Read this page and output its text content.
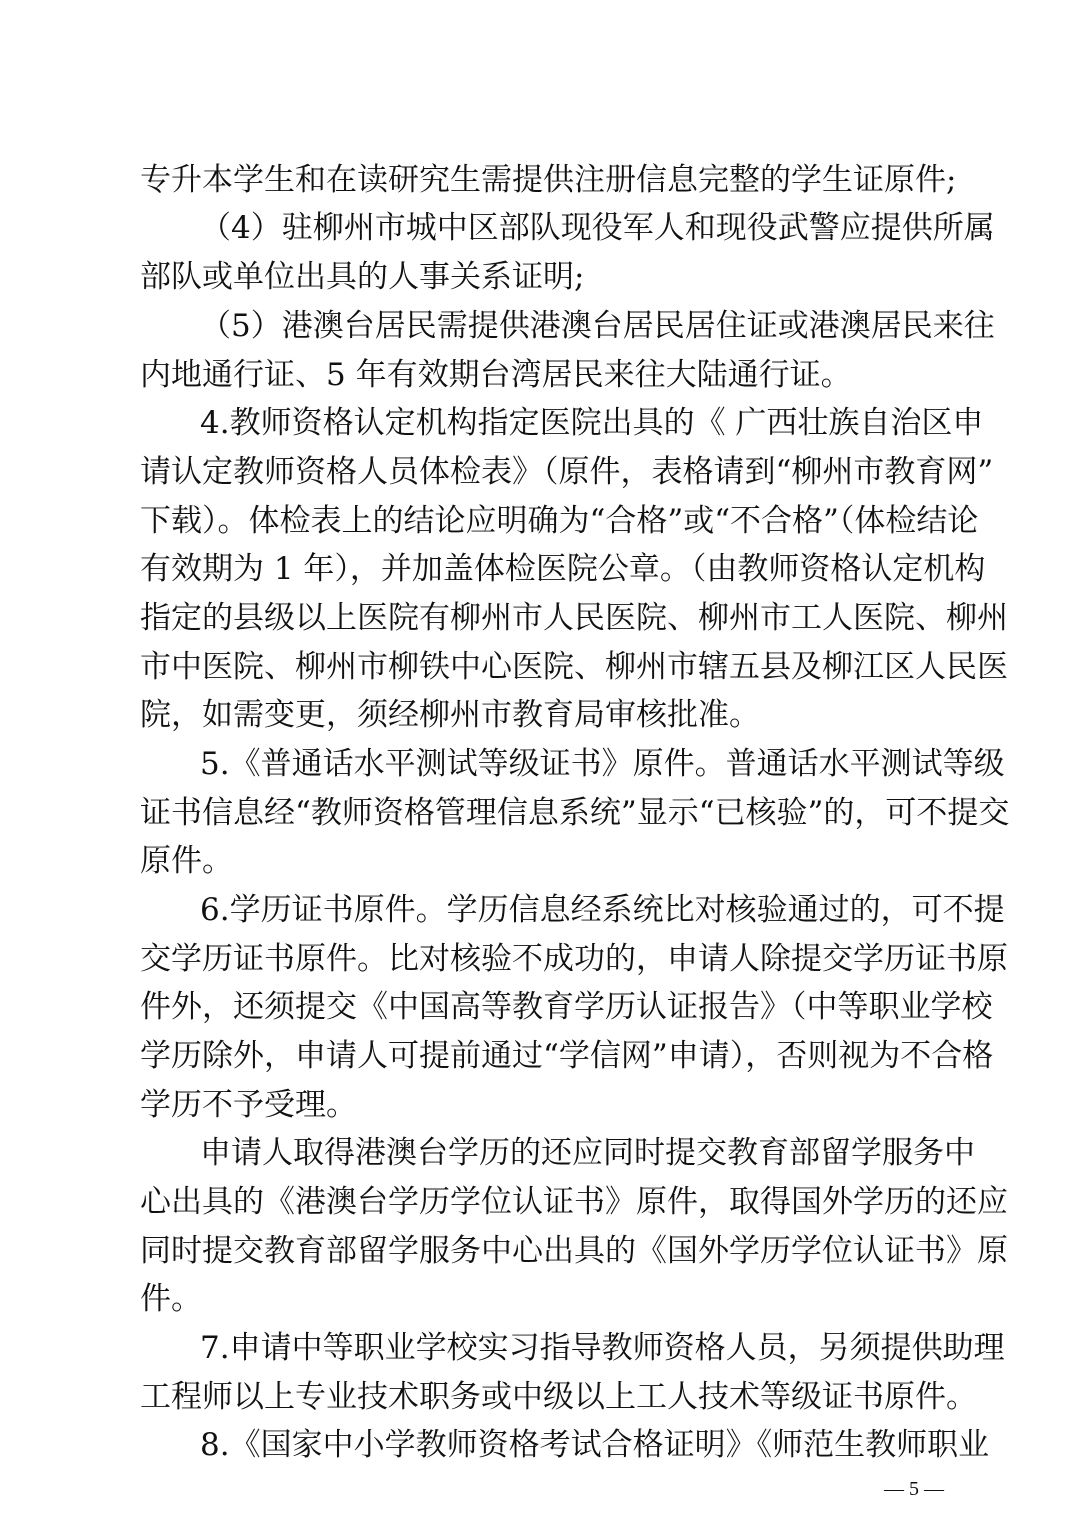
专升本学生和在读研究生需提供注册信息完整的学生证原件;
（4）驻柳州市城中区部队现役军人和现役武警应提供所属
部队或单位出具的人事关系证明;
（5）港澳台居民需提供港澳台居民居住证或港澳居民来往
内地通行证、5 年有效期台湾居民来往大陆通行证。
4.教师资格认定机构指定医院出具的《 广西壮族自治区申
请认定教师资格人员体检表》（原件，表格请到“柳州市教育网”
下载）。体检表上的结论应明确为“合格”或“不合格”（体检结论
有效期为 1 年），并加盖体检医院公章。（由教师资格认定机构
指定的县级以上医院有柳州市人民医院、柳州市工人医院、柳州
市中医院、柳州市柳铁中心医院、柳州市辖五县及柳江区人民医
院，如需变更，须经柳州市教育局审核批准。
5.《普通话水平测试等级证书》原件。普通话水平测试等级
证书信息经“教师资格管理信息系统”显示“已核验”的，可不提交
原件。
6.学历证书原件。学历信息经系统比对核验通过的，可不提
交学历证书原件。比对核验不成功的，申请人除提交学历证书原
件外，还须提交《中国高等教育学历认证报告》（中等职业学校
学历除外，申请人可提前通过“学信网”申请），否则视为不合格
学历不予受理。
申请人取得港澳台学历的还应同时提交教育部留学服务中
心出具的《港澳台学历学位认证书》原件，取得国外学历的还应
同时提交教育部留学服务中心出具的《国外学历学位认证书》原
件。
7.申请中等职业学校实习指导教师资格人员，另须提供助理
工程师以上专业技术职务或中级以上工人技术等级证书原件。
8.《国家中小学教师资格考试合格证明》《师范生教师职业
— 5 —
